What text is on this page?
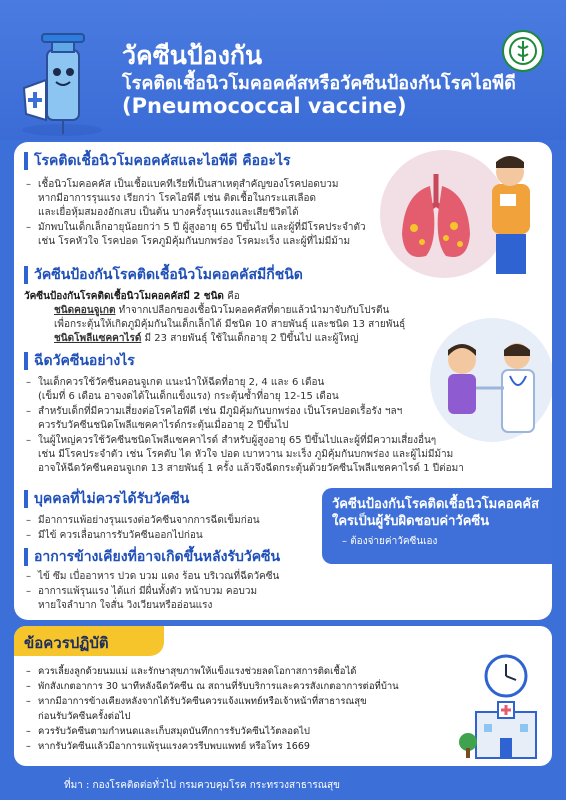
วัคซีนป้องกัน
โรคติดเชื้อนิวโมคอคคัสหรือวัคซีนป้องกันโรคไอพีดี
(Pneumococcal vaccine)
โรคติดเชื้อนิวโมคอคคัสและไอพีดี คืออะไร
– เชื้อนิวโมคอคคัส เป็นเชื้อแบคทีเรียที่เป็นสาเหตุสำคัญของโรคปอดบวม
หากมีอาการรุนแรง เรียกว่า โรคไอพีดี เช่น ติดเชื้อในกระแสเลือด
และเยื่อหุ้มสมองอักเสบ เป็นต้น บางครั้งรุนแรงและเสียชีวิตได้
– มักพบในเด็กเล็กอายุน้อยกว่า 5 ปี ผู้สูงอายุ 65 ปีขึ้นไป และผู้ที่มีโรคประจำตัว
เช่น โรคหัวใจ โรคปอด โรคภูมิคุ้มกันบกพร่อง โรคมะเร็ง และผู้ที่ไม่มีม้าม
วัคซีนป้องกันโรคติดเชื้อนิวโมคอคคัสมีกี่ชนิด
วัคซีนป้องกันโรคติดเชื้อนิวโมคอคคัสมี 2 ชนิด คือ
ชนิดคอนจูเกต ทำจากเปลือกของเชื้อนิวโมคอคคัสที่ตายแล้วนำมาจับกับโปรตีน
เพื่อกระตุ้นให้เกิดภูมิคุ้มกันในเด็กเล็กได้ มีชนิด 10 สายพันธุ์ และชนิด 13 สายพันธุ์
ชนิดโพลีแซคคาไรด์ มี 23 สายพันธุ์ ใช้ในเด็กอายุ 2 ปีขึ้นไป และผู้ใหญ่
ฉีดวัคซีนอย่างไร
– ในเด็กควรใช้วัคซีนคอนจูเกต แนะนำให้ฉีดที่อายุ 2, 4 และ 6 เดือน
(เข็มที่ 6 เดือน อาจงดได้ในเด็กแข็งแรง) กระตุ้นซ้ำที่อายุ 12-15 เดือน
– สำหรับเด็กที่มีความเสี่ยงต่อโรคไอพีดี เช่น มีภูมิคุ้มกันบกพร่อง เป็นโรคปอดเรื้อรัง ฯลฯ
ควรรับวัคซีนชนิดโพลีแซคคาไรด์กระตุ้นเมื่ออายุ 2 ปีขึ้นไป
– ในผู้ใหญ่ควรใช้วัคซีนชนิดโพลีแซคคาไรด์ สำหรับผู้สูงอายุ 65 ปีขึ้นไปและผู้ที่มีความเสี่ยงอื่นๆ
เช่น มีโรคประจำตัว เช่น โรคตับ ไต หัวใจ ปอด เบาหวาน มะเร็ง ภูมิคุ้มกันบกพร่อง และผู้ไม่มีม้าม
อาจให้ฉีดวัคซีนคอนจูเกต 13 สายพันธุ์ 1 ครั้ง แล้วจึงฉีดกระตุ้นด้วยวัคซีนโพลีแซคคาไรด์ 1 ปีต่อมา
บุคคลที่ไม่ควรได้รับวัคซีน
– มีอาการแพ้อย่างรุนแรงต่อวัคซีนจากการฉีดเข็มก่อน
– มีไข้ ควรเลื่อนการรับวัคซีนออกไปก่อน
อาการข้างเคียงที่อาจเกิดขึ้นหลังรับวัคซีน
– ไข้ ซึม เบื่ออาหาร ปวด บวม แดง ร้อน บริเวณที่ฉีดวัคซีน
– อาการแพ้รุนแรง ได้แก่ มีผื่นทั้งตัว หน้าบวม คอบวม
หายใจลำบาก ใจสั่น วิงเวียนหรืออ่อนแรง
วัคซีนป้องกันโรคติดเชื้อนิวโมคอคคัส
ใครเป็นผู้รับผิดชอบค่าวัคซีน
– ต้องจ่ายค่าวัคซีนเอง
ข้อควรปฏิบัติ
– ควรเลี้ยงลูกด้วยนมแม่ และรักษาสุขภาพให้แข็งแรงช่วยลดโอกาสการติดเชื้อได้
– พักสังเกตอาการ 30 นาทีหลังฉีดวัคซีน ณ สถานที่รับบริการและควรสังเกตอาการต่อที่บ้าน
– หากมีอาการข้างเคียงหลังจากได้รับวัคซีนควรแจ้งแพทย์หรือเจ้าหน้าที่สาธารณสุข
ก่อนรับวัคซีนครั้งต่อไป
– ควรรับวัคซีนตามกำหนดและเก็บสมุดบันทึกการรับวัคซีนไว้ตลอดไป
– หากรับวัคซีนแล้วมีอาการแพ้รุนแรงควรรีบพบแพทย์ หรือโทร 1669
ที่มา : กองโรคติดต่อทั่วไป กรมควบคุมโรค กระทรวงสาธารณสุข
